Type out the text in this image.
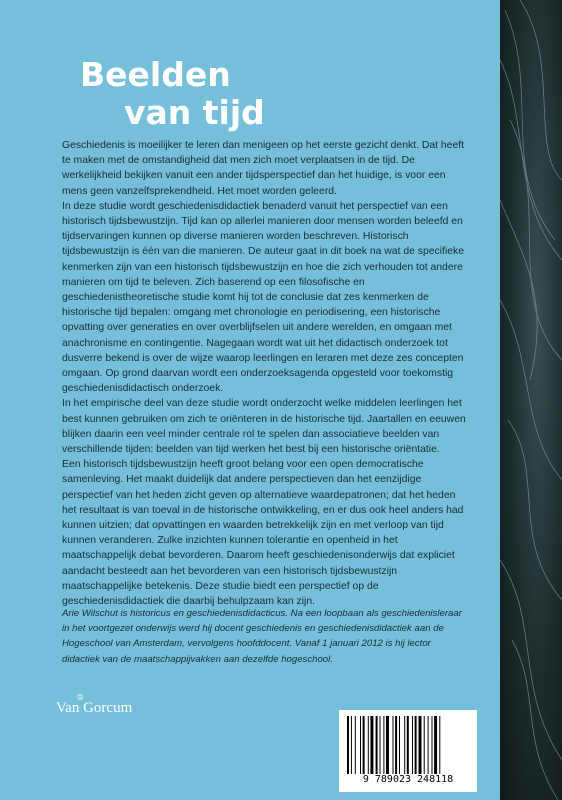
Beelden
van tijd

Geschiedenis is moeilijker te leren dan menigeen op het eerste gezicht denkt. Dat heeft te maken met de omstandigheid dat men zich moet verplaatsen in de tijd. De werkelijkheid bekijken vanuit een ander tijdsperspectief dan het huidige, is voor een mens geen vanzelfsprekendheid. Het moet worden geleerd.

In deze studie wordt geschiedenisdidactiek benaderd vanuit het perspectief van een historisch tijdsbewustzijn. Tijd kan op allerlei manieren door mensen worden beleefd en tijdservaringen kunnen op diverse manieren worden beschreven. Historisch tijdsbewustzijn is één van die manieren. De auteur gaat in dit boek na wat de specifieke kenmerken zijn van een historisch tijdsbewustzijn en hoe die zich verhouden tot andere manieren om tijd te beleven. Zich baserend op een filosofische en geschiedenistheoretische studie komt hij tot de conclusie dat zes kenmerken de historische tijd bepalen: omgang met chronologie en periodisering, een historische opvatting over generaties en over overblijfselen uit andere werelden, en omgaan met anachronisme en contingentie. Nagegaan wordt wat uit het didactisch onderzoek tot dusverre bekend is over de wijze waarop leerlingen en leraren met deze zes concepten omgaan. Op grond daarvan wordt een onderzoeksagenda opgesteld voor toekomstig geschiedenisdidactisch onderzoek.

In het empirische deel van deze studie wordt onderzocht welke middelen leerlingen het best kunnen gebruiken om zich te oriënteren in de historische tijd. Jaartallen en eeuwen blijken daarin een veel minder centrale rol te spelen dan associatieve beelden van verschillende tijden: beelden van tijd werken het best bij een historische oriëntatie.

Een historisch tijdsbewustzijn heeft groot belang voor een open democratische samenleving. Het maakt duidelijk dat andere perspectieven dan het eenzijdige perspectief van het heden zicht geven op alternatieve waardepatronen; dat het heden het resultaat is van toeval in de historische ontwikkeling, en er dus ook heel anders had kunnen uitzien; dat opvattingen en waarden betrekkelijk zijn en met verloop van tijd kunnen veranderen. Zulke inzichten kunnen tolerantie en openheid in het maatschappelijk debat bevorderen. Daarom heeft geschiedenisonderwijs dat expliciet aandacht besteedt aan het bevorderen van een historisch tijdsbewustzijn maatschappelijke betekenis. Deze studie biedt een perspectief op de geschiedenisdidactiek die daarbij behulpzaam kan zijn.

Arie Wilschut is historicus en geschiedenisdidacticus. Na een loopbaan als geschiedenisleraar in het voortgezet onderwijs werd hij docent geschiedenis en geschiedenisdidactiek aan de Hogeschool van Amsterdam, vervolgens hoofddocent. Vanaf 1 januari 2012 is hij lector didactiek van de maatschappijvakken aan dezelfde hogeschool.

♔
Van Gorcum
9 789023 248118
